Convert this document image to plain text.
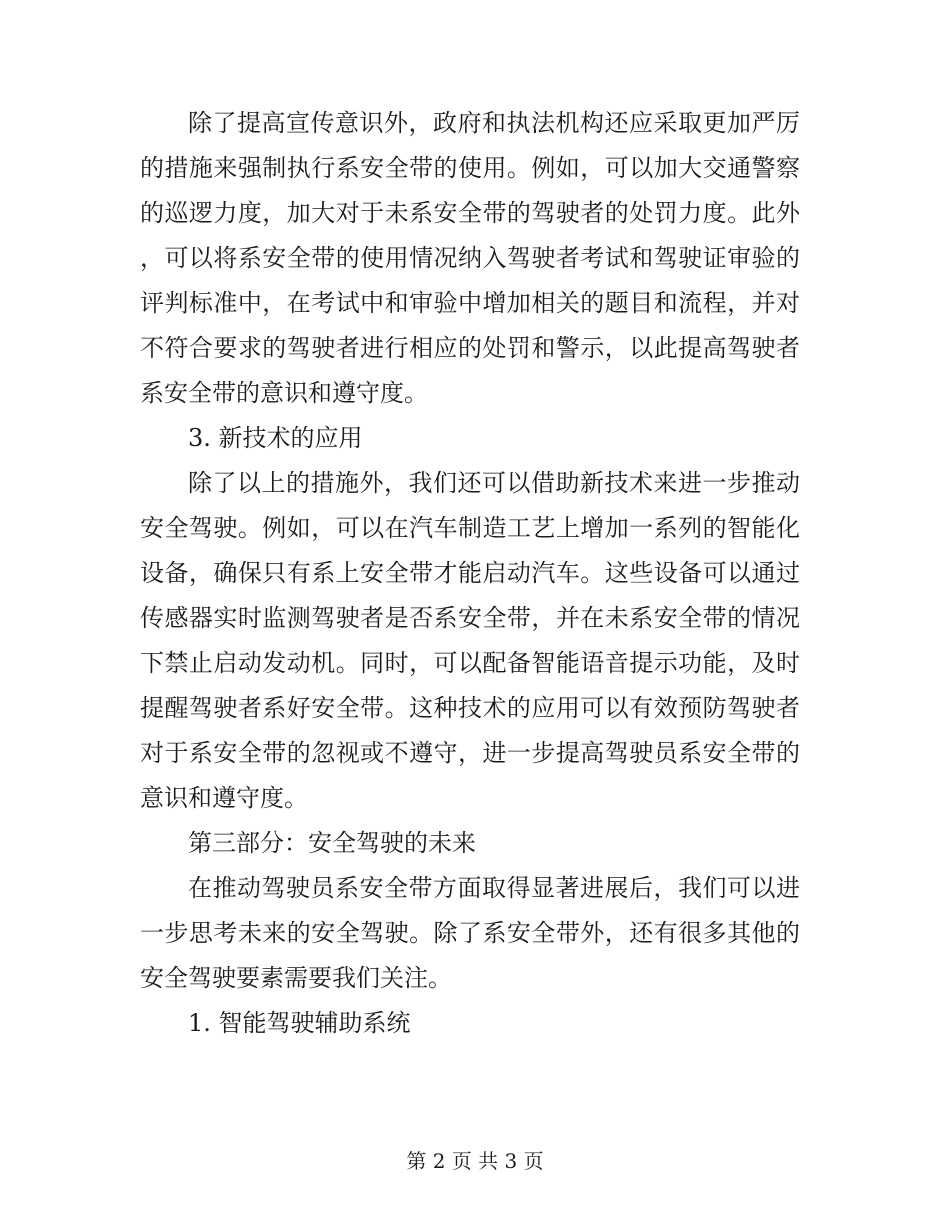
除了提高宣传意识外，政府和执法机构还应采取更加严厉的措施来强制执行系安全带的使用。例如，可以加大交通警察的巡逻力度，加大对于未系安全带的驾驶者的处罚力度。此外，可以将系安全带的使用情况纳入驾驶者考试和驾驶证审验的评判标准中，在考试中和审验中增加相关的题目和流程，并对不符合要求的驾驶者进行相应的处罚和警示，以此提高驾驶者系安全带的意识和遵守度。

3. 新技术的应用

除了以上的措施外，我们还可以借助新技术来进一步推动安全驾驶。例如，可以在汽车制造工艺上增加一系列的智能化设备，确保只有系上安全带才能启动汽车。这些设备可以通过传感器实时监测驾驶者是否系安全带，并在未系安全带的情况下禁止启动发动机。同时，可以配备智能语音提示功能，及时提醒驾驶者系好安全带。这种技术的应用可以有效预防驾驶者对于系安全带的忽视或不遵守，进一步提高驾驶员系安全带的意识和遵守度。

第三部分：安全驾驶的未来

在推动驾驶员系安全带方面取得显著进展后，我们可以进一步思考未来的安全驾驶。除了系安全带外，还有很多其他的安全驾驶要素需要我们关注。

1. 智能驾驶辅助系统

第 2 页 共 3 页
